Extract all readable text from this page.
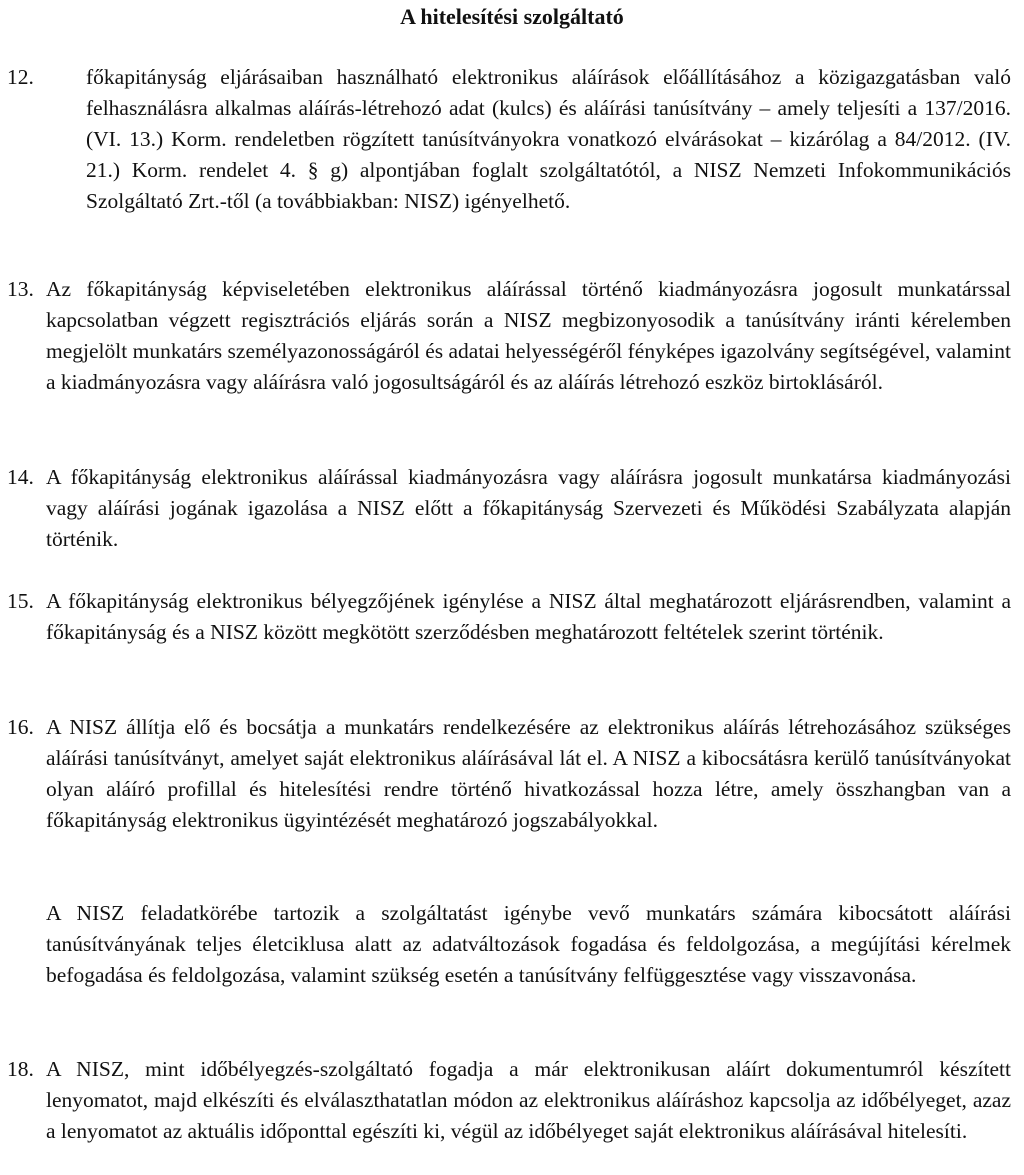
A hitelesítési szolgáltató
12. főkapitányság eljárásaiban használható elektronikus aláírások előállításához a közigazgatásban való felhasználásra alkalmas aláírás-létrehozó adat (kulcs) és aláírási tanúsítvány – amely teljesíti a 137/2016. (VI. 13.) Korm. rendeletben rögzített tanúsítványokra vonatkozó elvárásokat – kizárólag a 84/2012. (IV. 21.) Korm. rendelet 4. § g) alpontjában foglalt szolgáltatótól, a NISZ Nemzeti Infokommunikációs Szolgáltató Zrt.-től (a továbbiakban: NISZ) igényelhető.
13. Az főkapitányság képviseletében elektronikus aláírással történő kiadmányozásra jogosult munkatárssal kapcsolatban végzett regisztrációs eljárás során a NISZ megbizonyosodik a tanúsítvány iránti kérelemben megjelölt munkatárs személyazonosságáról és adatai helyességéről fényképes igazolvány segítségével, valamint a kiadmányozásra vagy aláírásra való jogosultságáról és az aláírás létrehozó eszköz birtoklásáról.
14. A főkapitányság elektronikus aláírással kiadmányozásra vagy aláírásra jogosult munkatársa kiadmányozási vagy aláírási jogának igazolása a NISZ előtt a főkapitányság Szervezeti és Működési Szabályzata alapján történik.
15. A főkapitányság elektronikus bélyegzőjének igénylése a NISZ által meghatározott eljárásrendben, valamint a főkapitányság és a NISZ között megkötött szerződésben meghatározott feltételek szerint történik.
16. A NISZ állítja elő és bocsátja a munkatárs rendelkezésére az elektronikus aláírás létrehozásához szükséges aláírási tanúsítványt, amelyet saját elektronikus aláírásával lát el. A NISZ a kibocsátásra kerülő tanúsítványokat olyan aláíró profillal és hitelesítési rendre történő hivatkozással hozza létre, amely összhangban van a főkapitányság elektronikus ügyintézését meghatározó jogszabályokkal.
A NISZ feladatkörébe tartozik a szolgáltatást igénybe vevő munkatárs számára kibocsátott aláírási tanúsítványának teljes életciklusa alatt az adatváltozások fogadása és feldolgozása, a megújítási kérelmek befogadása és feldolgozása, valamint szükség esetén a tanúsítvány felfüggesztése vagy visszavonása.
18. A NISZ, mint időbélyegzés-szolgáltató fogadja a már elektronikusan aláírt dokumentumról készített lenyomatot, majd elkészíti és elválaszthatatlan módon az elektronikus aláíráshoz kapcsolja az időbélyeget, azaz a lenyomatot az aktuális időponttal egészíti ki, végül az időbélyeget saját elektronikus aláírásával hitelesíti.
